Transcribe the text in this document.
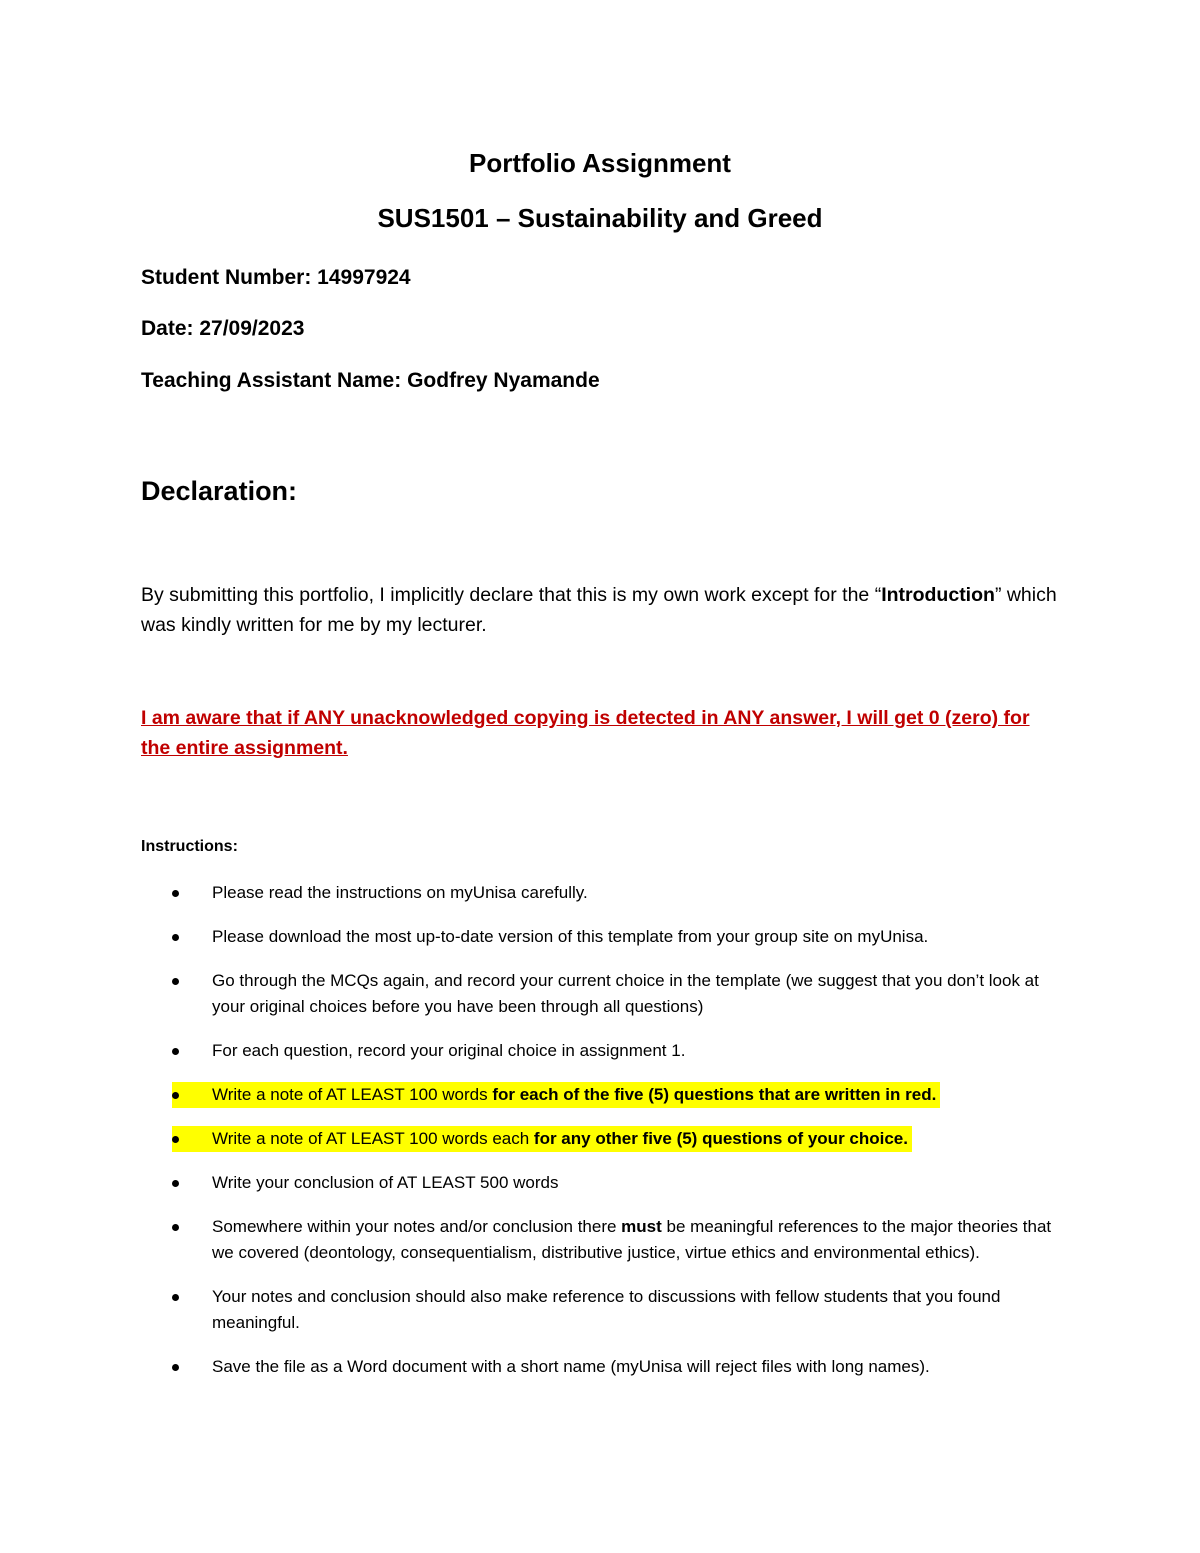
Portfolio Assignment
SUS1501 – Sustainability and Greed
Student Number: 14997924
Date: 27/09/2023
Teaching Assistant Name: Godfrey Nyamande
Declaration:
By submitting this portfolio, I implicitly declare that this is my own work except for the “Introduction” which was kindly written for me by my lecturer.
I am aware that if ANY unacknowledged copying is detected in ANY answer, I will get 0 (zero) for the entire assignment.
Instructions:
Please read the instructions on myUnisa carefully.
Please download the most up-to-date version of this template from your group site on myUnisa.
Go through the MCQs again, and record your current choice in the template (we suggest that you don’t look at your original choices before you have been through all questions)
For each question, record your original choice in assignment 1.
Write a note of AT LEAST 100 words for each of the five (5) questions that are written in red.
Write a note of AT LEAST 100 words each for any other five (5) questions of your choice.
Write your conclusion of AT LEAST 500 words
Somewhere within your notes and/or conclusion there must be meaningful references to the major theories that we covered (deontology, consequentialism, distributive justice, virtue ethics and environmental ethics).
Your notes and conclusion should also make reference to discussions with fellow students that you found meaningful.
Save the file as a Word document with a short name (myUnisa will reject files with long names).
